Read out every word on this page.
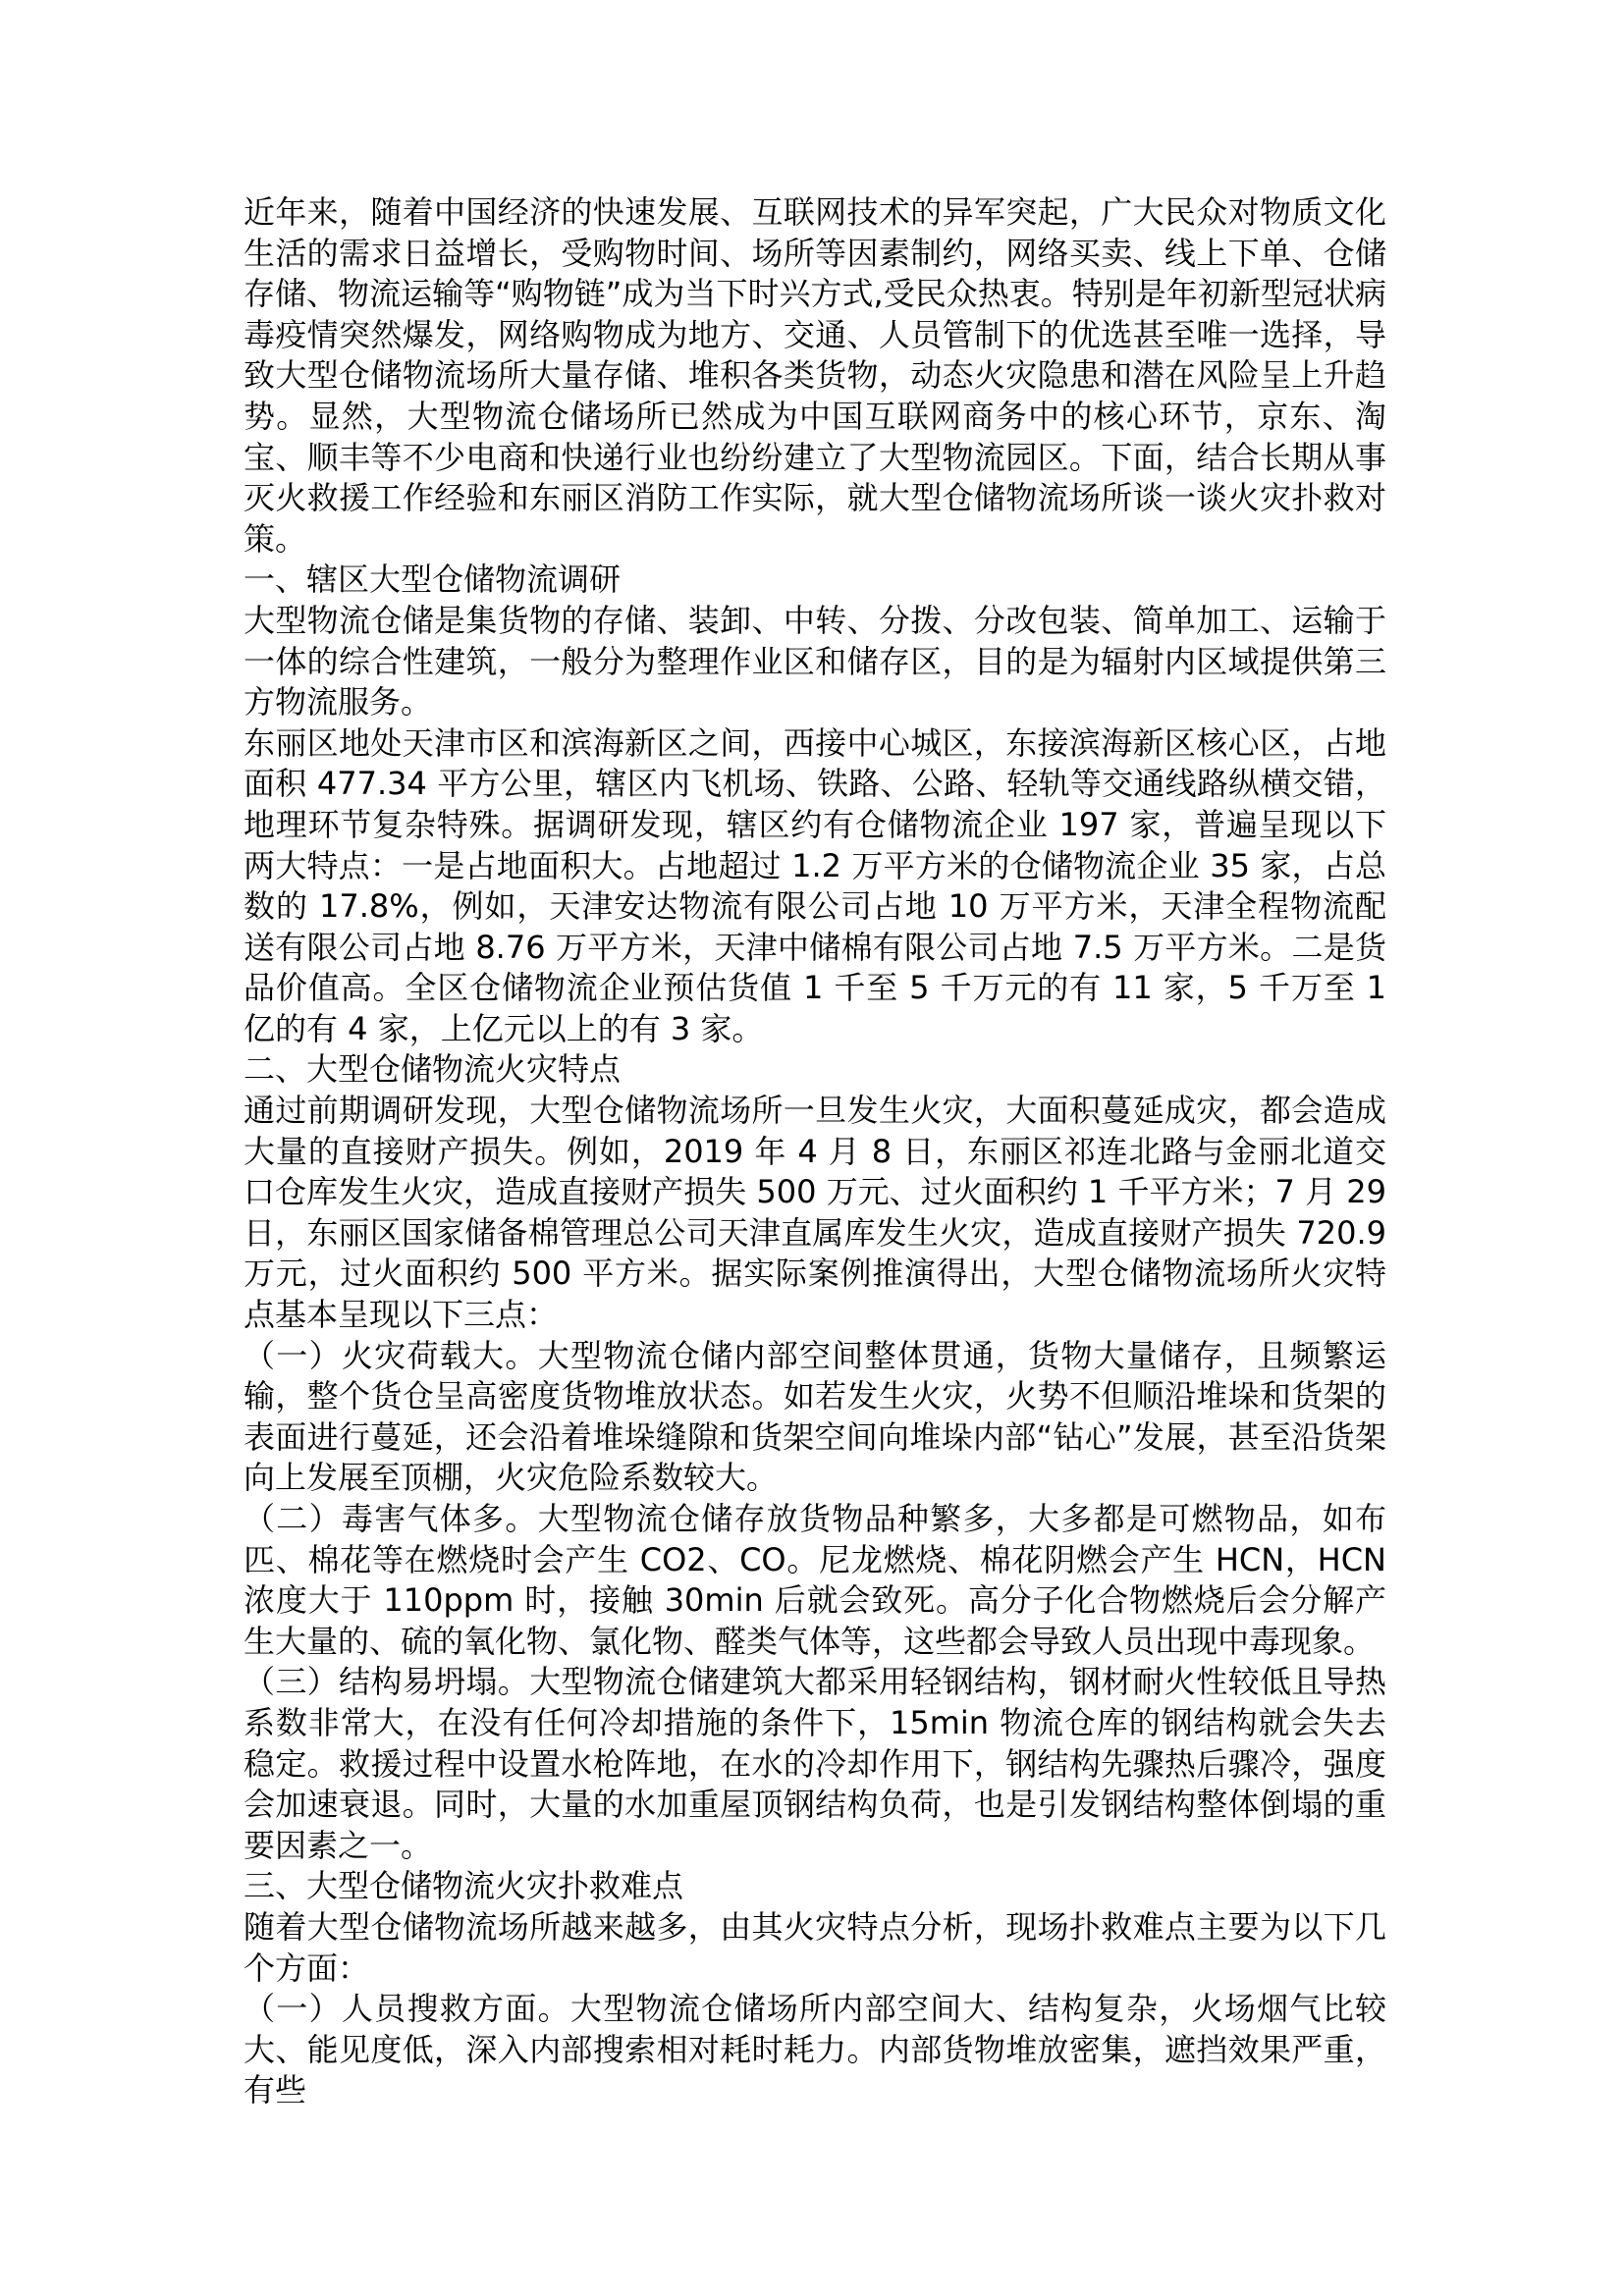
近年来，随着中国经济的快速发展、互联网技术的异军突起，广大民众对物质文化生活的需求日益增长，受购物时间、场所等因素制约，网络买卖、线上下单、仓储存储、物流运输等“购物链”成为当下时兴方式,受民众热衷。特别是年初新型冠状病毒疫情突然爆发，网络购物成为地方、交通、人员管制下的优选甚至唯一选择，导致大型仓储物流场所大量存储、堆积各类货物，动态火灾隐患和潜在风险呈上升趋势。显然，大型物流仓储场所已然成为中国互联网商务中的核心环节，京东、淘宝、顺丰等不少电商和快递行业也纷纷建立了大型物流园区。下面，结合长期从事灭火救援工作经验和东丽区消防工作实际，就大型仓储物流场所谈一谈火灾扑救对策。

一、辖区大型仓储物流调研

大型物流仓储是集货物的存储、装卸、中转、分拨、分改包装、简单加工、运输于一体的综合性建筑，一般分为整理作业区和储存区，目的是为辐射内区域提供第三方物流服务。

东丽区地处天津市区和滨海新区之间，西接中心城区，东接滨海新区核心区，占地面积 477.34 平方公里，辖区内飞机场、铁路、公路、轻轨等交通线路纵横交错，地理环节复杂特殊。据调研发现，辖区约有仓储物流企业 197 家，普遍呈现以下两大特点：一是占地面积大。占地超过 1.2 万平方米的仓储物流企业 35 家，占总数的 17.8%，例如，天津安达物流有限公司占地 10 万平方米，天津全程物流配送有限公司占地 8.76 万平方米，天津中储棉有限公司占地 7.5 万平方米。二是货品价值高。全区仓储物流企业预估货值 1 千至 5 千万元的有 11 家，5 千万至 1 亿的有 4 家，上亿元以上的有 3 家。

二、大型仓储物流火灾特点

通过前期调研发现，大型仓储物流场所一旦发生火灾，大面积蔓延成灾，都会造成大量的直接财产损失。例如，2019 年 4 月 8 日，东丽区祁连北路与金丽北道交口仓库发生火灾，造成直接财产损失 500 万元、过火面积约 1 千平方米；7 月 29 日，东丽区国家储备棉管理总公司天津直属库发生火灾，造成直接财产损失 720.9 万元，过火面积约 500 平方米。据实际案例推演得出，大型仓储物流场所火灾特点基本呈现以下三点：

（一）火灾荷载大。大型物流仓储内部空间整体贯通，货物大量储存，且频繁运输，整个货仓呈高密度货物堆放状态。如若发生火灾，火势不但顺沿堆垛和货架的表面进行蔓延，还会沿着堆垛缝隙和货架空间向堆垛内部“钻心”发展，甚至沿货架向上发展至顶棚，火灾危险系数较大。

（二）毒害气体多。大型物流仓储存放货物品种繁多，大多都是可燃物品，如布匹、棉花等在燃烧时会产生 CO2、CO。尼龙燃烧、棉花阴燃会产生 HCN，HCN 浓度大于 110ppm 时，接触 30min 后就会致死。高分子化合物燃烧后会分解产生大量的、硫的氧化物、氯化物、醛类气体等，这些都会导致人员出现中毒现象。

（三）结构易坍塌。大型物流仓储建筑大都采用轻钢结构，钢材耐火性较低且导热系数非常大，在没有任何冷却措施的条件下，15min 物流仓库的钢结构就会失去稳定。救援过程中设置水枪阵地，在水的冷却作用下，钢结构先骤热后骤冷，强度会加速衰退。同时，大量的水加重屋顶钢结构负荷，也是引发钢结构整体倒塌的重要因素之一。

三、大型仓储物流火灾扑救难点

随着大型仓储物流场所越来越多，由其火灾特点分析，现场扑救难点主要为以下几个方面：

（一）人员搜救方面。大型物流仓储场所内部空间大、结构复杂，火场烟气比较大、能见度低，深入内部搜索相对耗时耗力。内部货物堆放密集，遮挡效果严重，有些
